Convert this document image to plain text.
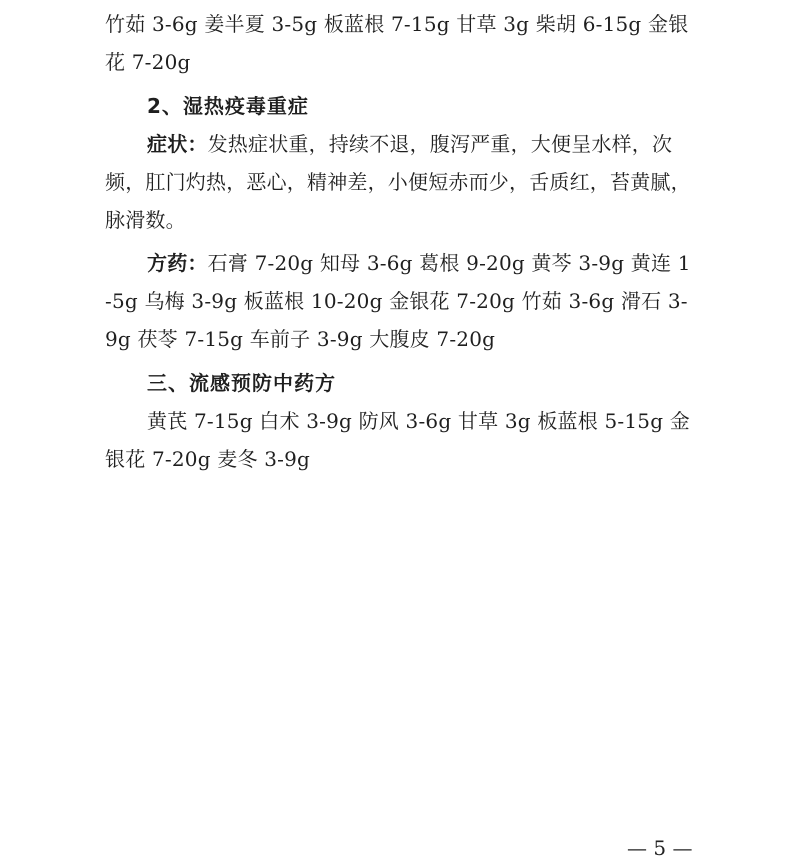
竹茹 3-6g 姜半夏 3-5g 板蓝根 7-15g 甘草 3g 柴胡 6-15g 金银花 7-20g

2、湿热疫毒重症

症状：发热症状重，持续不退，腹泻严重，大便呈水样，次频，肛门灼热，恶心，精神差，小便短赤而少，舌质红，苔黄腻，脉滑数。

方药：石膏 7-20g 知母 3-6g 葛根 9-20g 黄芩 3-9g 黄连 1-5g 乌梅 3-9g 板蓝根 10-20g 金银花 7-20g 竹茹 3-6g 滑石 3-9g 茯苓 7-15g 车前子 3-9g 大腹皮 7-20g

三、流感预防中药方

黄芪 7-15g 白术 3-9g 防风 3-6g 甘草 3g 板蓝根 5-15g 金银花 7-20g 麦冬 3-9g

— 5 —
